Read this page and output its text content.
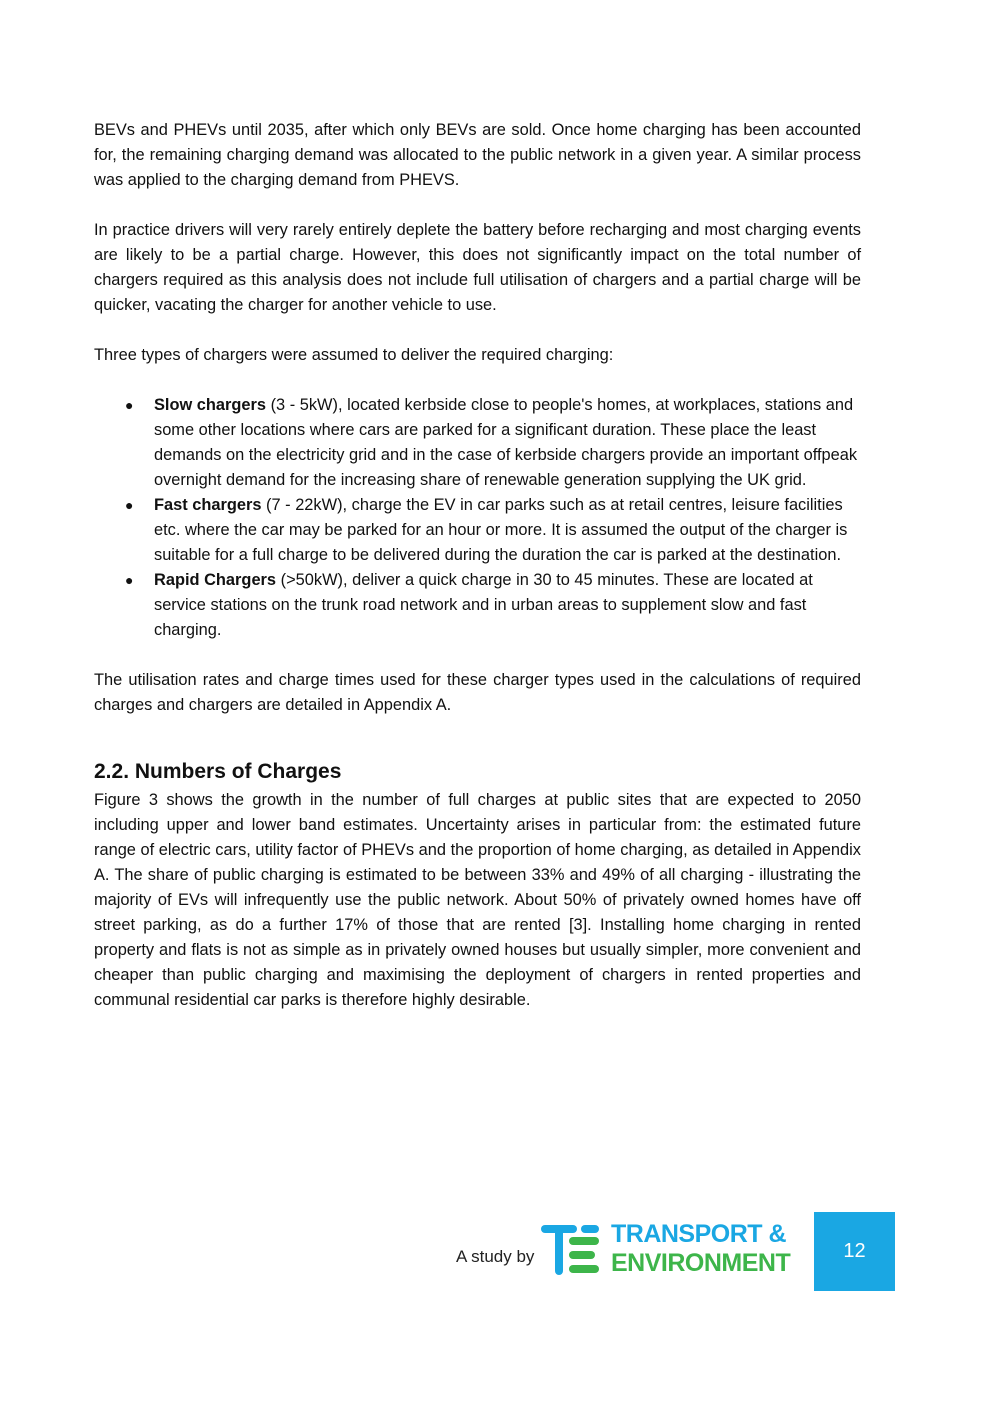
BEVs and PHEVs until 2035, after which only BEVs are sold. Once home charging has been accounted for, the remaining charging demand was allocated to the public network in a given year. A similar process was applied to the charging demand from PHEVS.

In practice drivers will very rarely entirely deplete the battery before recharging and most charging events are likely to be a partial charge. However, this does not significantly impact on the total number of chargers required as this analysis does not include full utilisation of chargers and a partial charge will be quicker, vacating the charger for another vehicle to use.

Three types of chargers were assumed to deliver the required charging:

● Slow chargers (3 - 5kW), located kerbside close to people's homes, at workplaces, stations and some other locations where cars are parked for a significant duration. These place the least demands on the electricity grid and in the case of kerbside chargers provide an important offpeak overnight demand for the increasing share of renewable generation supplying the UK grid.
● Fast chargers (7 - 22kW), charge the EV in car parks such as at retail centres, leisure facilities etc. where the car may be parked for an hour or more. It is assumed the output of the charger is suitable for a full charge to be delivered during the duration the car is parked at the destination.
● Rapid Chargers (>50kW), deliver a quick charge in 30 to 45 minutes. These are located at service stations on the trunk road network and in urban areas to supplement slow and fast charging.

The utilisation rates and charge times used for these charger types used in the calculations of required charges and chargers are detailed in Appendix A.

2.2. Numbers of Charges

Figure 3 shows the growth in the number of full charges at public sites that are expected to 2050 including upper and lower band estimates. Uncertainty arises in particular from: the estimated future range of electric cars, utility factor of PHEVs and the proportion of home charging, as detailed in Appendix A. The share of public charging is estimated to be between 33% and 49% of all charging - illustrating the majority of EVs will infrequently use the public network. About 50% of privately owned homes have off street parking, as do a further 17% of those that are rented [3]. Installing home charging in rented property and flats is not as simple as in privately owned houses but usually simpler, more convenient and cheaper than public charging and maximising the deployment of chargers in rented properties and communal residential car parks is therefore highly desirable.

A study by
TRANSPORT &
ENVIRONMENT	12
